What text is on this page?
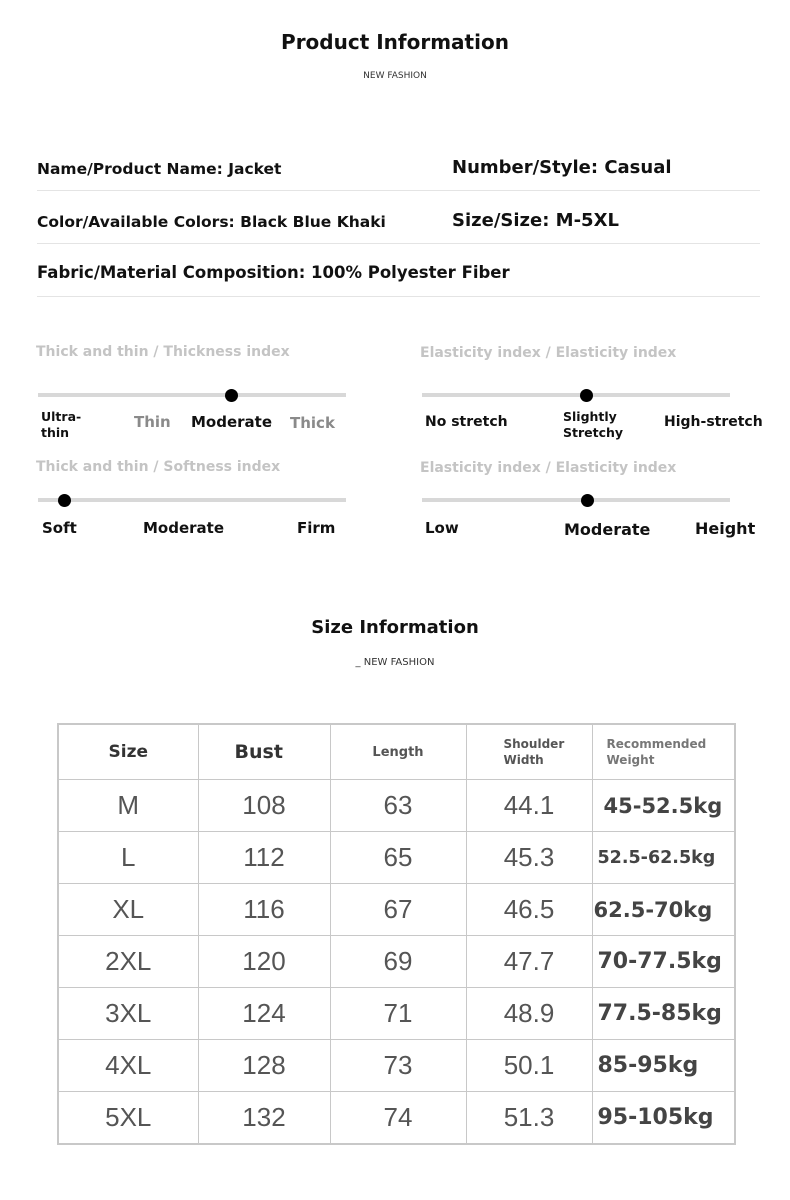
Product Information
NEW FASHION
Name/Product Name: Jacket	Number/Style: Casual
Color/Available Colors: Black Blue Khaki	Size/Size: M-5XL
Fabric/Material Composition: 100% Polyester Fiber
Thick and thin / Thickness index
Ultra-thin
Thin Moderate Thick
Elasticity index / Elasticity index
No stretch	Slightly Stretchy
High-stretch
Thick and thin / Softness index
Soft	Moderate	Firm
Elasticity index / Elasticity index
Low	Moderate	Height
Size Information
_ NEW FASHION
Size	Bust	Length	Shoulder Width	Recommended Weight
M	108	63	44.1	45-52.5kg
L	112	65	45.3	52.5-62.5kg
XL	116	67	46.5	62.5-70kg
2XL	120	69	47.7	70-77.5kg
3XL	124	71	48.9	77.5-85kg
4XL	128	73	50.1	85-95kg
5XL	132	74	51.3	95-105kg
